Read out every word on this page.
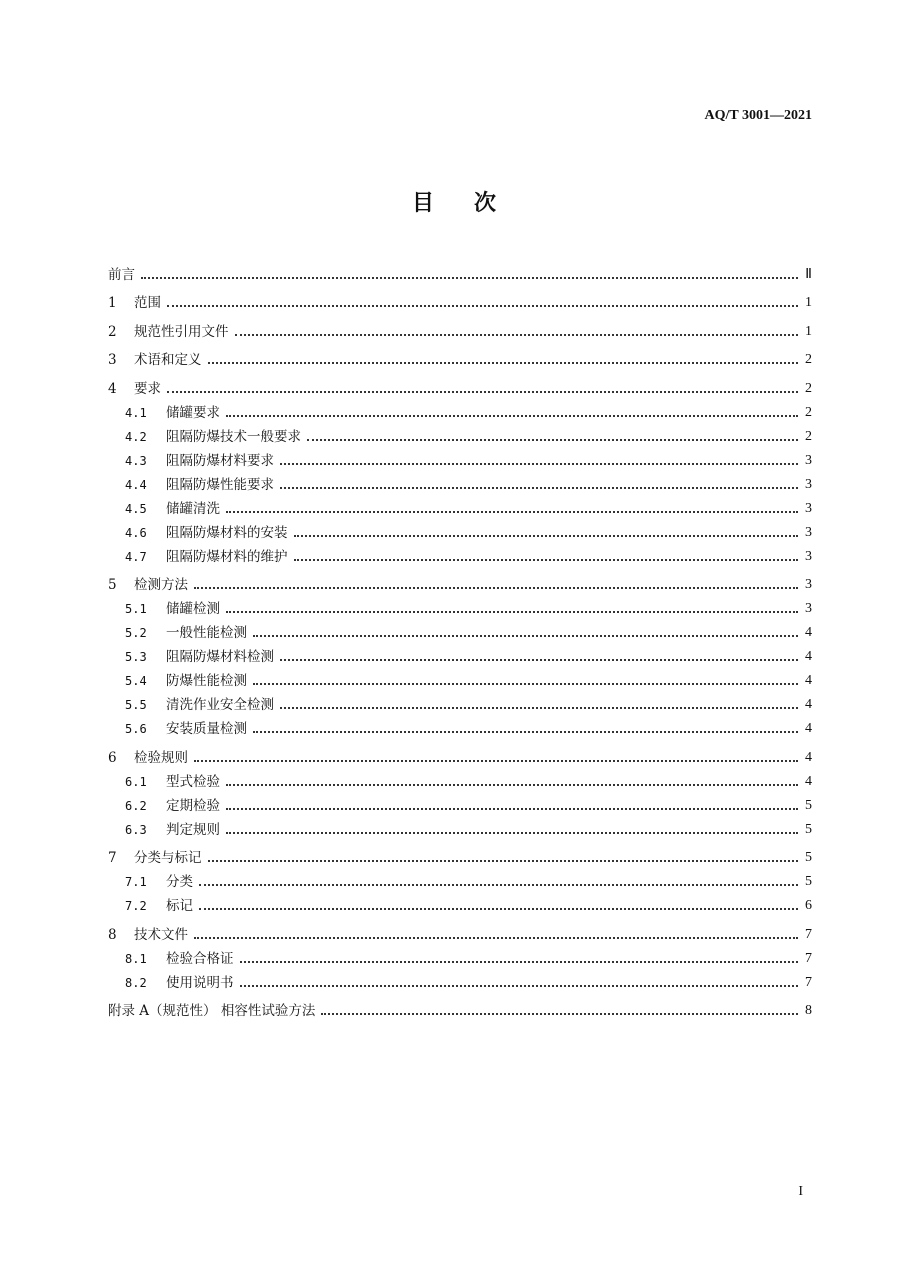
AQ/T 3001—2021
目 次
前言	Ⅱ
1	范围	1
2	规范性引用文件	1
3	术语和定义	2
4	要求	2
4.1	储罐要求	2
4.2	阻隔防爆技术一般要求	2
4.3	阻隔防爆材料要求	3
4.4	阻隔防爆性能要求	3
4.5	储罐清洗	3
4.6	阻隔防爆材料的安装	3
4.7	阻隔防爆材料的维护	3
5	检测方法	3
5.1	储罐检测	3
5.2	一般性能检测	4
5.3	阻隔防爆材料检测	4
5.4	防爆性能检测	4
5.5	清洗作业安全检测	4
5.6	安装质量检测	4
6	检验规则	4
6.1	型式检验	4
6.2	定期检验	5
6.3	判定规则	5
7	分类与标记	5
7.1	分类	5
7.2	标记	6
8	技术文件	7
8.1	检验合格证	7
8.2	使用说明书	7
附录 A（规范性） 相容性试验方法	8
I
